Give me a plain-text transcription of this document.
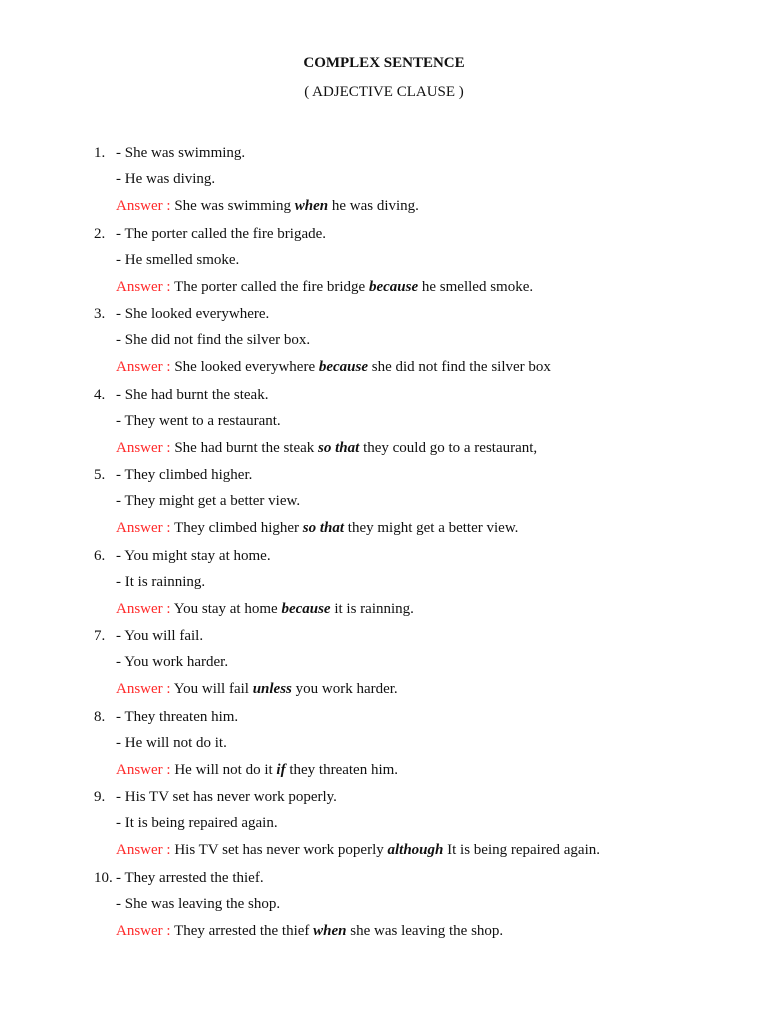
COMPLEX SENTENCE
( ADJECTIVE CLAUSE )
1. - She was swimming.
- He was diving.
Answer : She was swimming when he was diving.
2. - The porter called the fire brigade.
- He smelled smoke.
Answer : The porter called the fire bridge because he smelled smoke.
3. - She looked everywhere.
- She did not find the silver box.
Answer : She looked everywhere because she did not find the silver box
4. - She had burnt the steak.
- They went to a restaurant.
Answer : She had burnt the steak so that they could go to a restaurant,
5. - They climbed higher.
- They might get a better view.
Answer : They climbed higher so that they might get a better view.
6. - You might stay at home.
- It is rainning.
Answer : You stay at home because it is rainning.
7. - You will fail.
- You work harder.
Answer : You will fail unless you work harder.
8. - They threaten him.
- He will not do it.
Answer : He will not do it if they threaten him.
9. - His TV set has never work poperly.
- It is being repaired again.
Answer : His TV set has never work poperly although It is being repaired again.
10. - They arrested the thief.
- She was leaving the shop.
Answer : They arrested the thief when she was leaving the shop.
